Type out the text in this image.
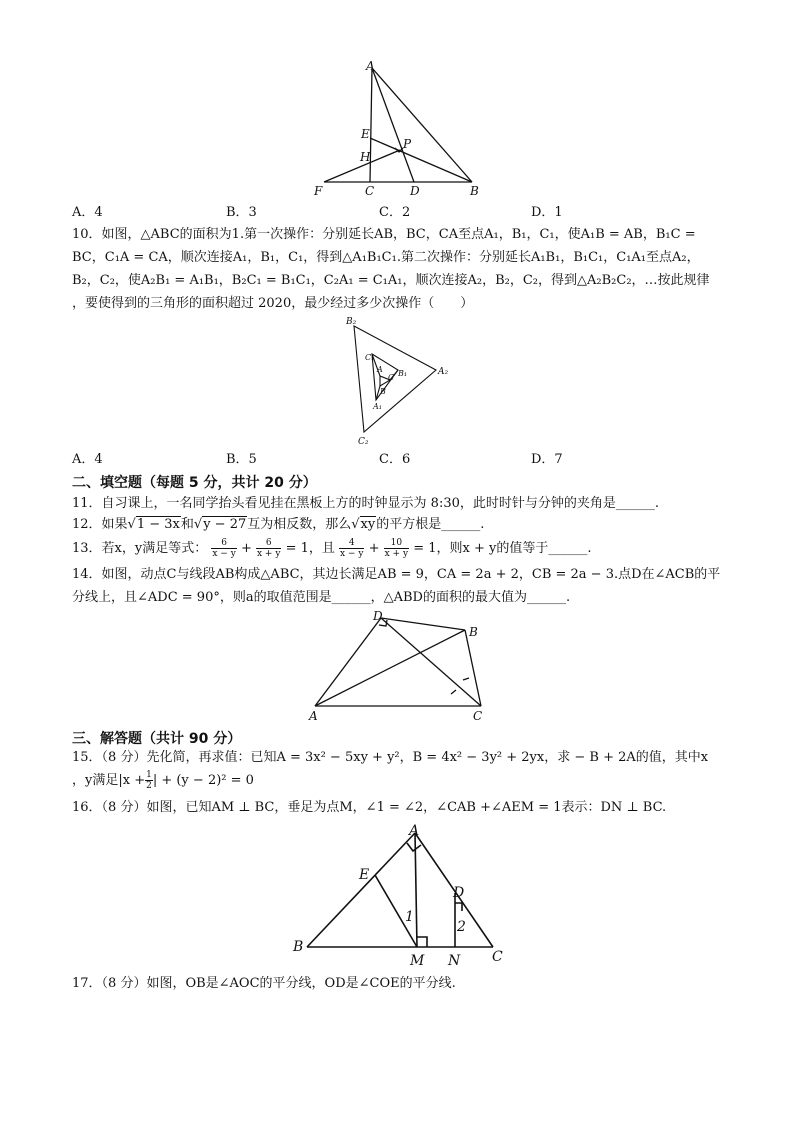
A
E
P
H
F	C	D	B
A．4	B．3	C．2	D．1
10．如图，△ABC的面积为1.第一次操作：分别延长AB，BC，CA至点A₁，B₁，C₁，使A₁B = AB，B₁C =
BC，C₁A = CA，顺次连接A₁，B₁，C₁，得到△A₁B₁C₁.第二次操作：分别延长A₁B₁，B₁C₁，C₁A₁至点A₂，
B₂，C₂，使A₂B₁ = A₁B₁，B₂C₁ = B₁C₁，C₂A₁ = C₁A₁，顺次连接A₂，B₂，C₂，得到△A₂B₂C₂，…按此规律
，要使得到的三角形的面积超过 2020，最少经过多少次操作（　　）
B₂
C₁
A
C B₁	A₂
B
A₁
C₂
A．4	B．5	C．6	D．7
二、填空题（每题 5 分，共计 20 分）
11．自习课上，一名同学抬头看见挂在黑板上方的时钟显示为 8:30，此时时针与分钟的夹角是______.
12．如果√1 − 3x和√y − 27互为相反数，那么√xy的平方根是______.
13．若x，y满足等式： $\frac{6}{x - y} + \frac{6}{x + y} = 1$，且 $\frac{4}{x - y} + \frac{10}{x + y} = 1$，则x + y的值等于______.
14．如图，动点C与线段AB构成△ABC，其边长满足AB = 9，CA = 2a + 2，CB = 2a − 3.点D在∠ACB的平
分线上，且∠ADC = 90°，则a的取值范围是______，△ABD的面积的最大值为______.
D
B
A	C
三、解答题（共计 90 分）
15．（8 分）先化简，再求值：已知A = 3x² − 5xy + y²，B = 4x² − 3y² + 2yx，求 − B + 2A的值，其中x
，y满足$|x + \frac{1}{2}$ | + (y − 2)² = 0
16．（8 分）如图，已知AM ⊥ BC，垂足为点M，∠1 = ∠2，∠CAB +∠AEM = 1表示：DN ⊥ BC.
A
E
D
1
2
B
M N C
17．（8 分）如图，OB是∠AOC的平分线，OD是∠COE的平分线.
